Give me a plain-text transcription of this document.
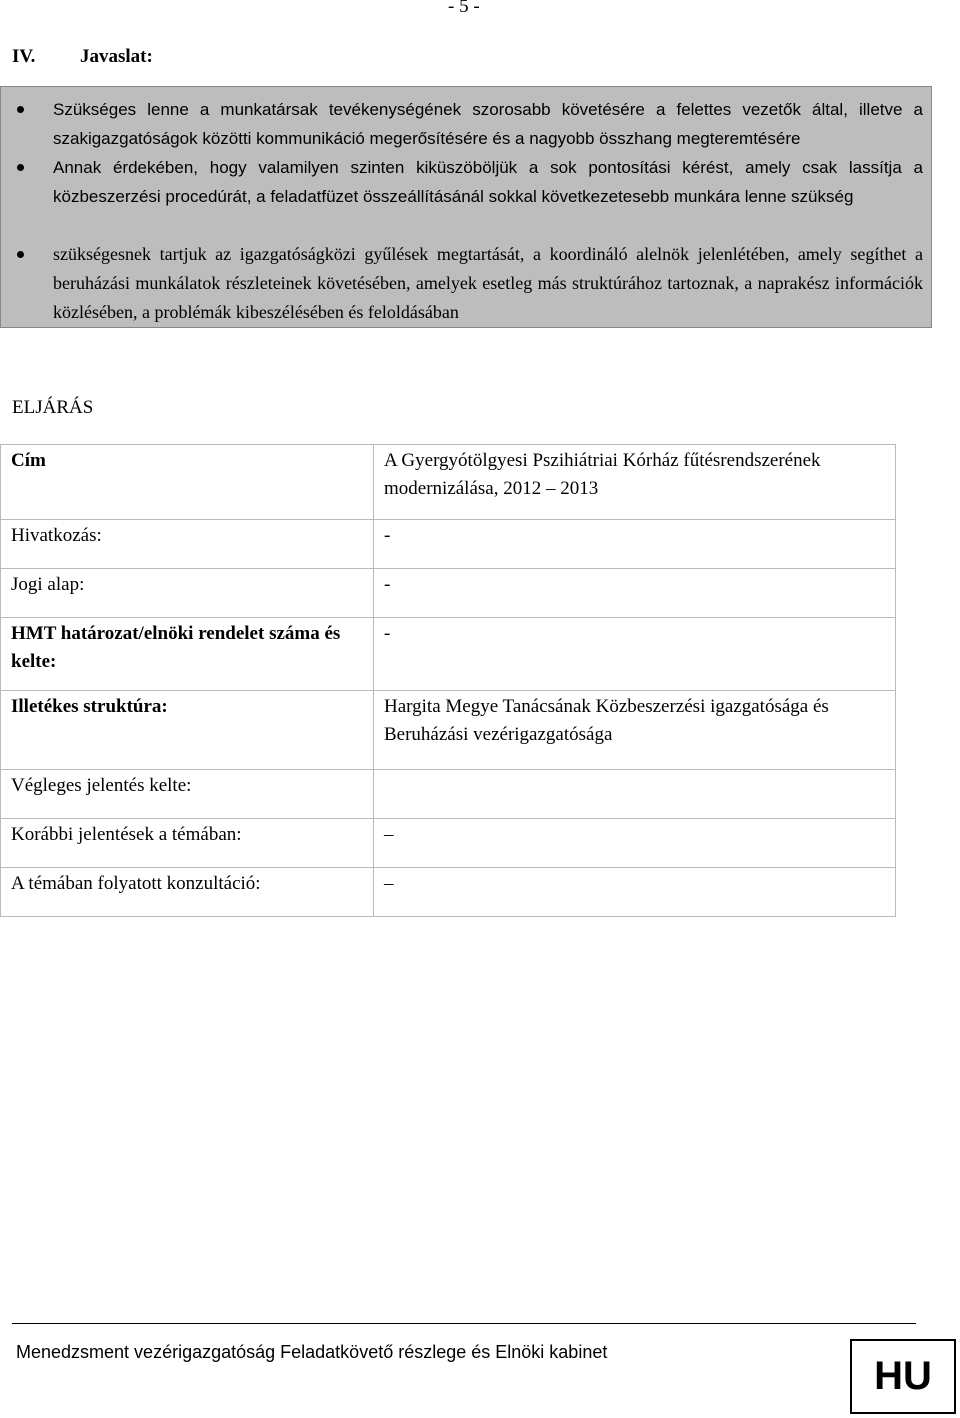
- 5 -
IV. Javaslat:
Szükséges lenne a munkatársak tevékenységének szorosabb követésére a felettes vezetők által, illetve a szakigazgatóságok közötti kommunikáció megerősítésére és a nagyobb összhang megteremtésére
Annak érdekében, hogy valamilyen szinten kiküszöböljük a sok pontosítási kérést, amely csak lassítja a közbeszerzési procedúrát, a feladatfüzet összeállításánál sokkal következetesebb munkára lenne szükség
szükségesnek tartjuk az igazgatóságközi gyűlések megtartását, a koordináló alelnök jelenlétében, amely segíthet a beruházási munkálatok részleteinek követésében, amelyek esetleg más struktúrához tartoznak, a naprakész információk közlésében, a problémák kibeszélésében és feloldásában
ELJÁRÁS
Cím	A Gyergyótölgyesi Pszihiátriai Kórház fűtésrendszerének modernizálása, 2012 – 2013
Hivatkozás:	-
Jogi alap:	-
HMT határozat/elnöki rendelet száma és kelte:	-

Illetékes struktúra:	Hargita Megye Tanácsának Közbeszerzési igazgatósága és Beruházási vezérigazgatósága
Végleges jelentés kelte:	
Korábbi jelentések a témában:	–
A témában folyatott konzultáció:	–
Menedzsment vezérigazgatóság Feladatkövető részlege és Elnöki kabinet
HU
